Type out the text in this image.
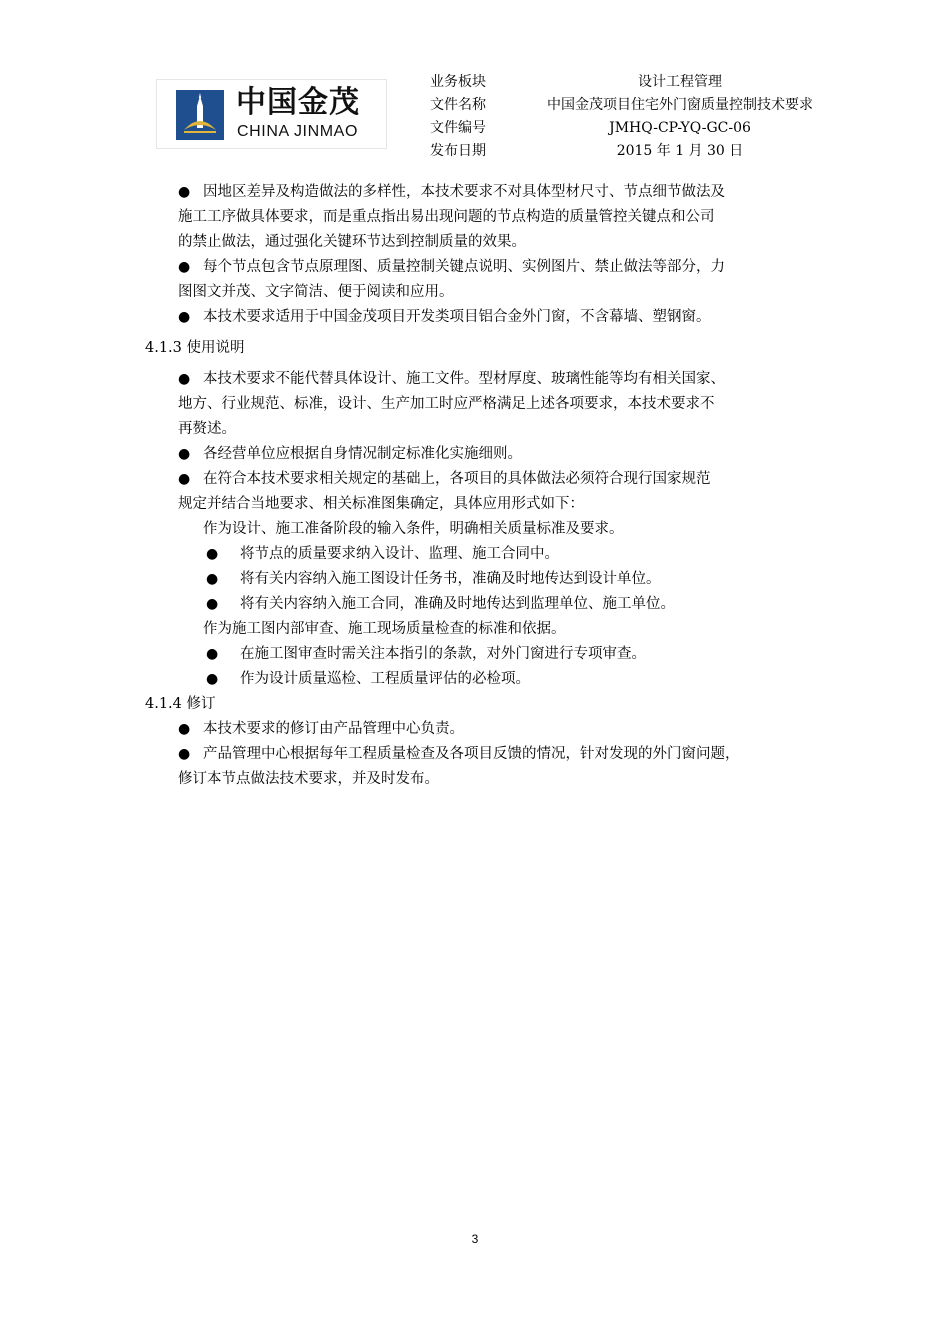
中国金茂
CHINA JINMAO
业务板块	设计工程管理
文件名称	中国金茂项目住宅外门窗质量控制技术要求
文件编号	JMHQ-CP-YQ-GC-06
发布日期	2015 年 1 月 30 日
● 因地区差异及构造做法的多样性，本技术要求不对具体型材尺寸、节点细节做法及
施工工序做具体要求，而是重点指出易出现问题的节点构造的质量管控关键点和公司
的禁止做法，通过强化关键环节达到控制质量的效果。
● 每个节点包含节点原理图、质量控制关键点说明、实例图片、禁止做法等部分，力
图图文并茂、文字简洁、便于阅读和应用。
● 本技术要求适用于中国金茂项目开发类项目铝合金外门窗，不含幕墙、塑钢窗。
4.1.3 使用说明
● 本技术要求不能代替具体设计、施工文件。型材厚度、玻璃性能等均有相关国家、
地方、行业规范、标准，设计、生产加工时应严格满足上述各项要求，本技术要求不
再赘述。
● 各经营单位应根据自身情况制定标准化实施细则。
● 在符合本技术要求相关规定的基础上，各项目的具体做法必须符合现行国家规范
规定并结合当地要求、相关标准图集确定，具体应用形式如下：
作为设计、施工准备阶段的输入条件，明确相关质量标准及要求。
● 将节点的质量要求纳入设计、监理、施工合同中。
● 将有关内容纳入施工图设计任务书，准确及时地传达到设计单位。
● 将有关内容纳入施工合同，准确及时地传达到监理单位、施工单位。
作为施工图内部审查、施工现场质量检查的标准和依据。
● 在施工图审查时需关注本指引的条款，对外门窗进行专项审查。
● 作为设计质量巡检、工程质量评估的必检项。
4.1.4 修订
● 本技术要求的修订由产品管理中心负责。
● 产品管理中心根据每年工程质量检查及各项目反馈的情况，针对发现的外门窗问题，
修订本节点做法技术要求，并及时发布。
3
